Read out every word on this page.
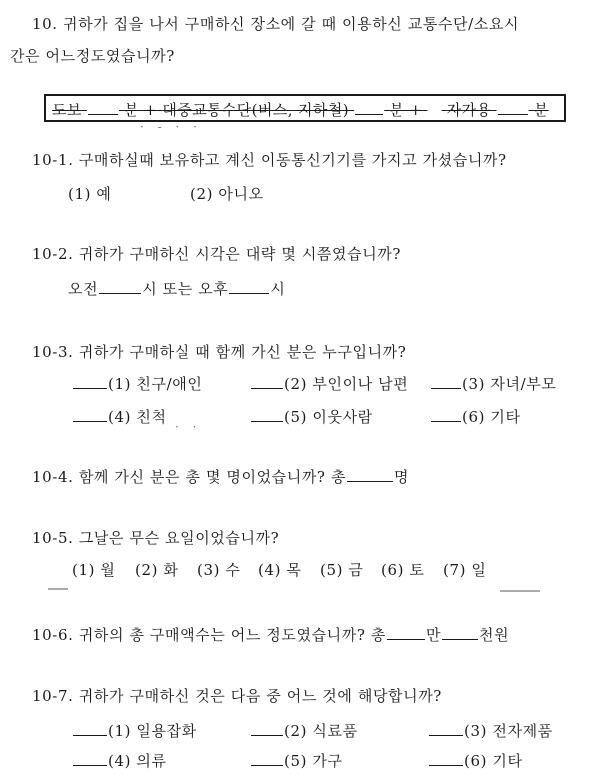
10. 귀하가 집을 나서 구매하신 장소에 갈 때 이용하신 교통수단/소요시
간은 어느정도였습니까?
도보	분 + 대중교통수단(버스, 지하철)	분 + 자가용	분
· - · ·
10-1. 구매하실때 보유하고 계신 이동통신기기를 가지고 가셨습니까?
(1) 예	(2) 아니오
10-2. 귀하가 구매하신 시각은 대략 몇 시쯤였습니까?
오전	시 또는 오후	시
10-3. 귀하가 구매하실 때 함께 가신 분은 누구입니까?
(1) 친구/애인	(2) 부인이나 남편	(3) 자녀/부모
(4) 친척	(5) 이웃사람	(6) 기타
· ·
10-4. 함께 가신 분은 총 몇 명이었습니까? 총	명
10-5. 그날은 무슨 요일이었습니까?
(1) 월 (2) 화 (3) 수 (4) 목 (5) 금 (6) 토 (7) 일
10-6. 귀하의 총 구매액수는 어느 정도였습니까? 총	만	천원
10-7. 귀하가 구매하신 것은 다음 중 어느 것에 해당합니까?
(1) 일용잡화	(2) 식료품	(3) 전자제품
(4) 의류	(5) 가구	(6) 기타
